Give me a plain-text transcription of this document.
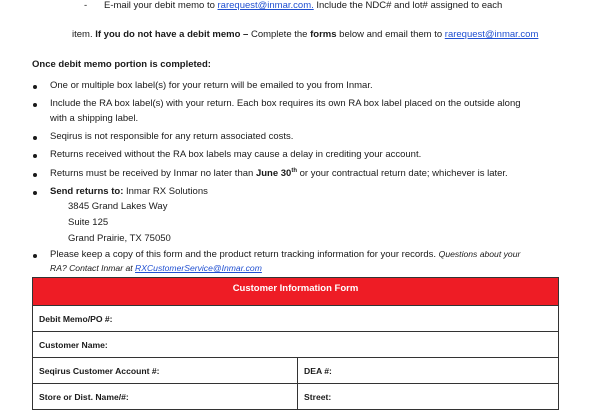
- E-mail your debit memo to rarequest@inmar.com. Include the NDC# and lot# assigned to each
item. If you do not have a debit memo – Complete the forms below and email them to rarequest@inmar.com
Once debit memo portion is completed:
One or multiple box label(s) for your return will be emailed to you from Inmar.
Include the RA box label(s) with your return. Each box requires its own RA box label placed on the outside along
with a shipping label.
Seqirus is not responsible for any return associated costs.
Returns received without the RA box labels may cause a delay in crediting your account.
Returns must be received by Inmar no later than June 30th or your contractual return date; whichever is later.
Send returns to: Inmar RX Solutions
3845 Grand Lakes Way
Suite 125
Grand Prairie, TX 75050
Please keep a copy of this form and the product return tracking information for your records. Questions about your
RA? Contact Inmar at RXCustomerService@Inmar.com
Customer Information Form
Debit Memo/PO #:
Customer Name:
Seqirus Customer Account #:	DEA #:
Store or Dist. Name/#:	Street:
